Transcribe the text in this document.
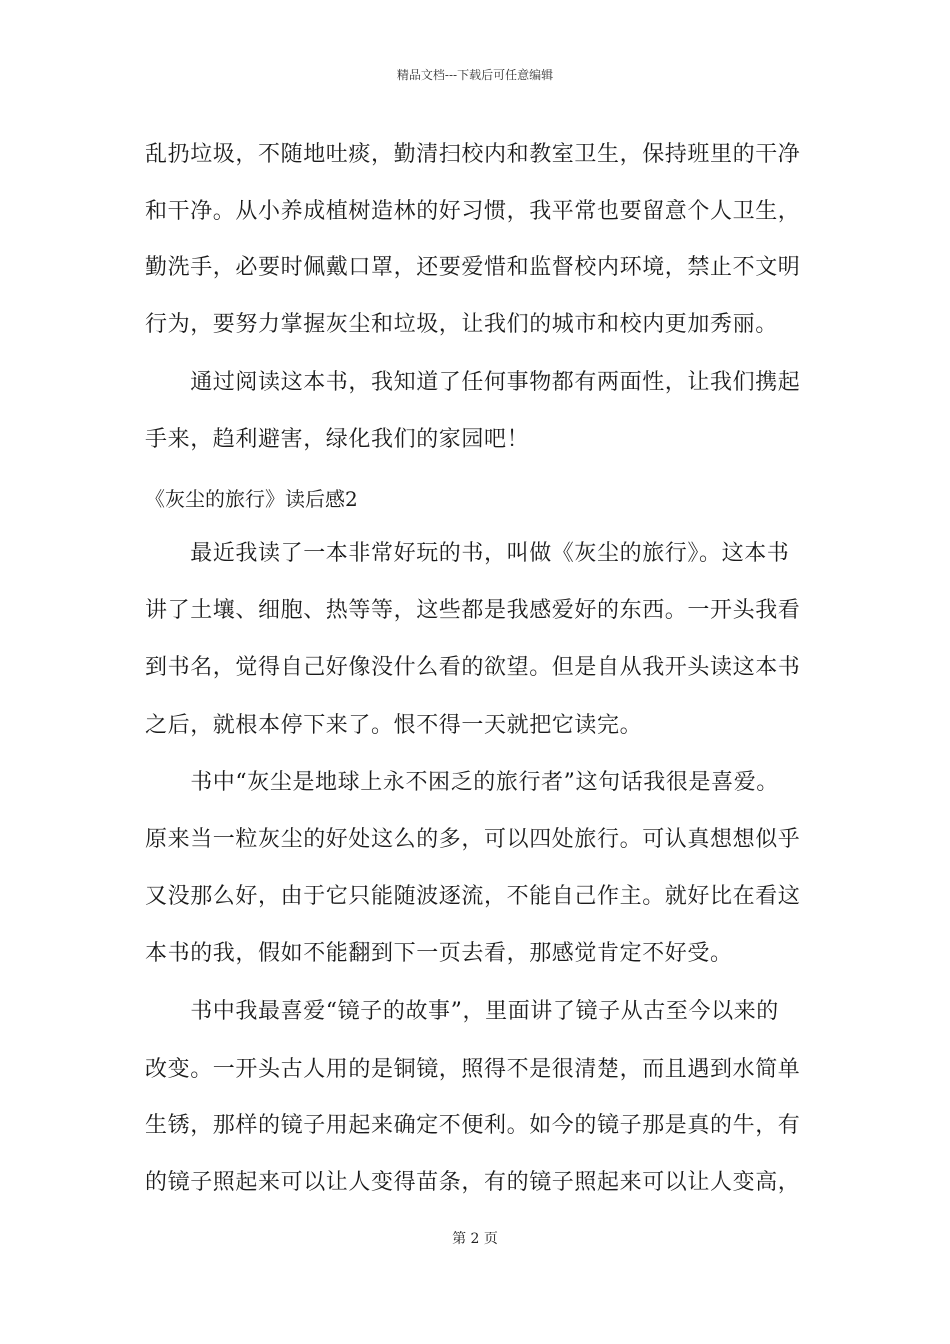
精品文档---下载后可任意编辑
乱扔垃圾，不随地吐痰，勤清扫校内和教室卫生，保持班里的干净
和干净。从小养成植树造林的好习惯，我平常也要留意个人卫生，
勤洗手，必要时佩戴口罩，还要爱惜和监督校内环境，禁止不文明
行为，要努力掌握灰尘和垃圾，让我们的城市和校内更加秀丽。
　　通过阅读这本书，我知道了任何事物都有两面性，让我们携起
手来，趋利避害，绿化我们的家园吧！
《灰尘的旅行》读后感2
　　最近我读了一本非常好玩的书，叫做《灰尘的旅行》。这本书
讲了土壤、细胞、热等等，这些都是我感爱好的东西。一开头我看
到书名，觉得自己好像没什么看的欲望。但是自从我开头读这本书
之后，就根本停下来了。恨不得一天就把它读完。
　　书中“灰尘是地球上永不困乏的旅行者”这句话我很是喜爱。
原来当一粒灰尘的好处这么的多，可以四处旅行。可认真想想似乎
又没那么好，由于它只能随波逐流，不能自己作主。就好比在看这
本书的我，假如不能翻到下一页去看，那感觉肯定不好受。
　　书中我最喜爱“镜子的故事”，里面讲了镜子从古至今以来的
改变。一开头古人用的是铜镜，照得不是很清楚，而且遇到水简单
生锈，那样的镜子用起来确定不便利。如今的镜子那是真的牛，有
的镜子照起来可以让人变得苗条，有的镜子照起来可以让人变高，
第 2 页
